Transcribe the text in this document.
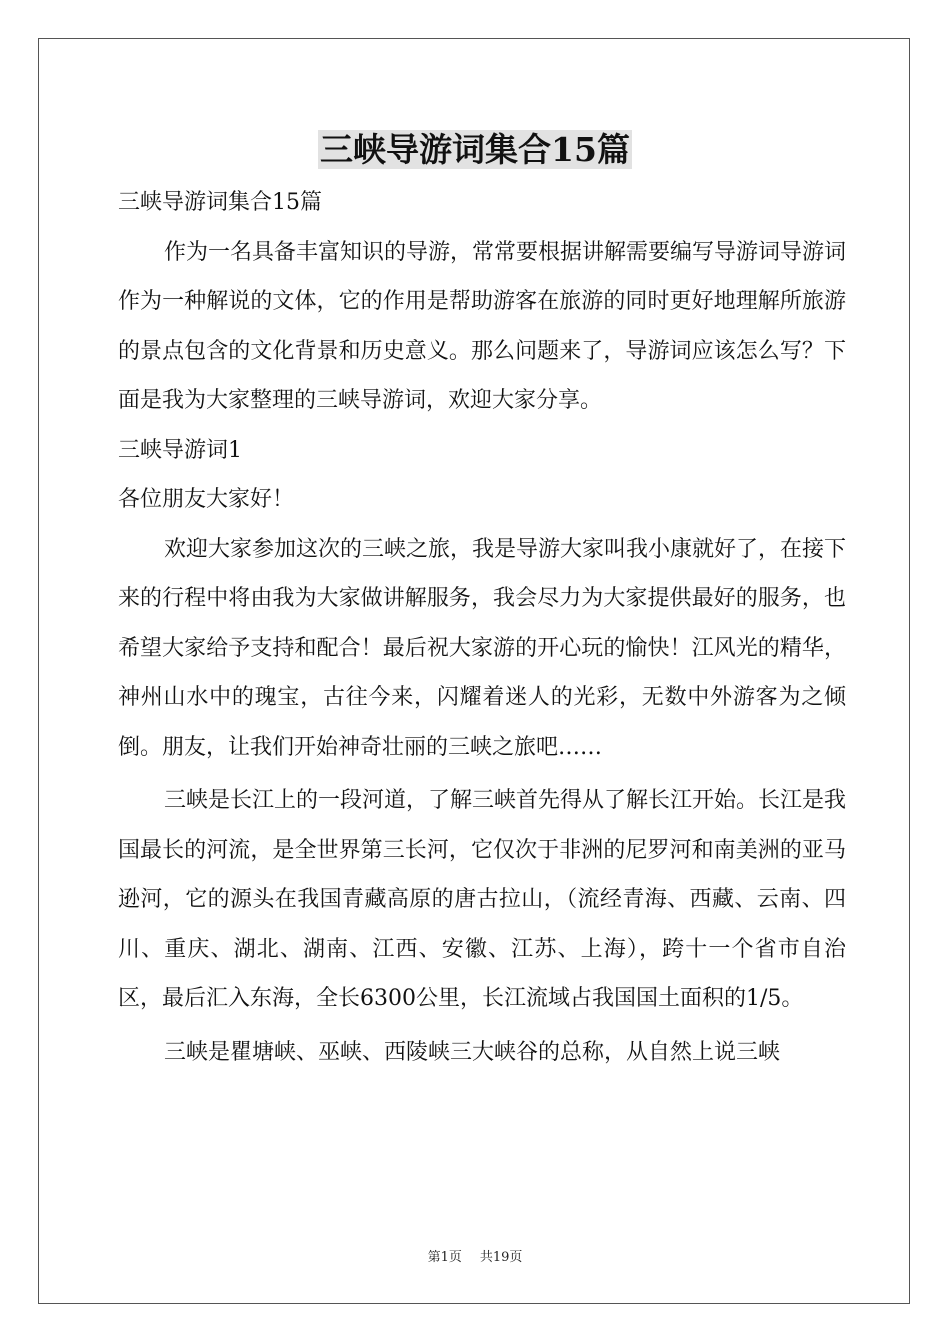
三峡导游词集合15篇

三峡导游词集合15篇

作为一名具备丰富知识的导游，常常要根据讲解需要编写导游词导游词作为一种解说的文体，它的作用是帮助游客在旅游的同时更好地理解所旅游的景点包含的文化背景和历史意义。那么问题来了，导游词应该怎么写？下面是我为大家整理的三峡导游词，欢迎大家分享。

三峡导游词1

各位朋友大家好！

欢迎大家参加这次的三峡之旅，我是导游大家叫我小康就好了，在接下来的行程中将由我为大家做讲解服务，我会尽力为大家提供最好的服务，也希望大家给予支持和配合！最后祝大家游的开心玩的愉快！江风光的精华，神州山水中的瑰宝，古往今来，闪耀着迷人的光彩，无数中外游客为之倾倒。朋友，让我们开始神奇壮丽的三峡之旅吧……

三峡是长江上的一段河道，了解三峡首先得从了解长江开始。长江是我国最长的河流，是全世界第三长河，它仅次于非洲的尼罗河和南美洲的亚马逊河，它的源头在我国青藏高原的唐古拉山，（流经青海、西藏、云南、四川、重庆、湖北、湖南、江西、安徽、江苏、上海），跨十一个省市自治区，最后汇入东海，全长6300公里，长江流域占我国国土面积的1/5。

三峡是瞿塘峡、巫峡、西陵峡三大峡谷的总称，从自然上说三峡

第1页 共19页
